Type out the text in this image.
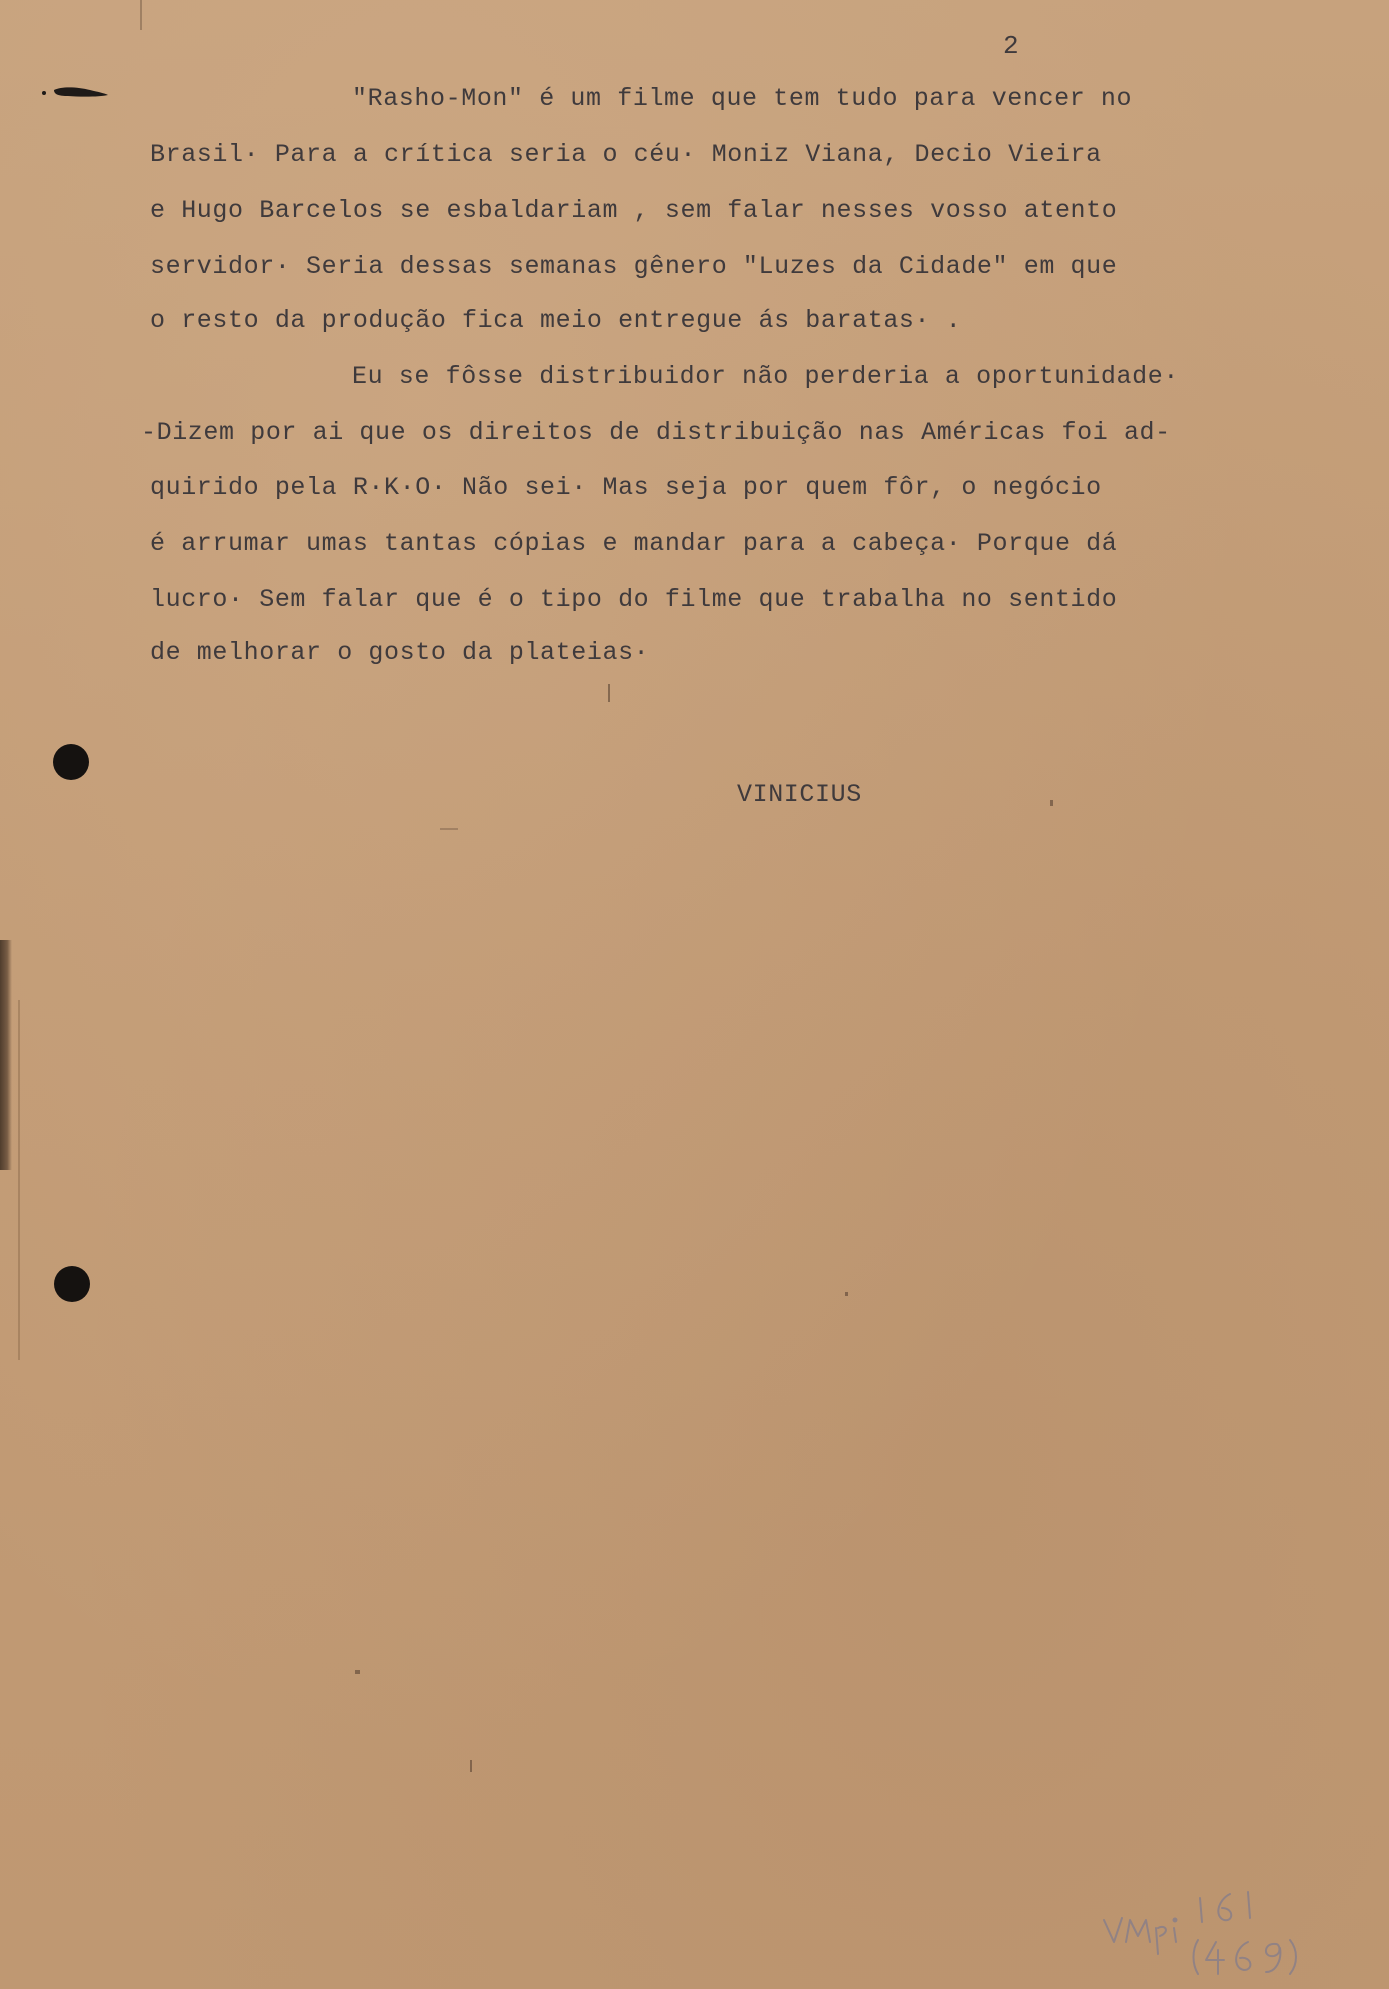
2
"Rasho-Mon" é um filme que tem tudo para vencer no
Brasil· Para a crítica seria o céu· Moniz Viana, Decio Vieira
e Hugo Barcelos se esbaldariam , sem falar nesses vosso atento
servidor· Seria dessas semanas gênero "Luzes da Cidade" em que
o resto da produção fica meio entregue ás baratas· .
Eu se fôsse distribuidor não perderia a oportunidade·
-Dizem por ai que os direitos de distribuição nas Américas foi ad-
quirido pela R·K·O· Não sei· Mas seja por quem fôr, o negócio
é arrumar umas tantas cópias e mandar para a cabeça· Porque dá
lucro· Sem falar que é o tipo do filme que trabalha no sentido
de melhorar o gosto da plateias·
VINICIUS
